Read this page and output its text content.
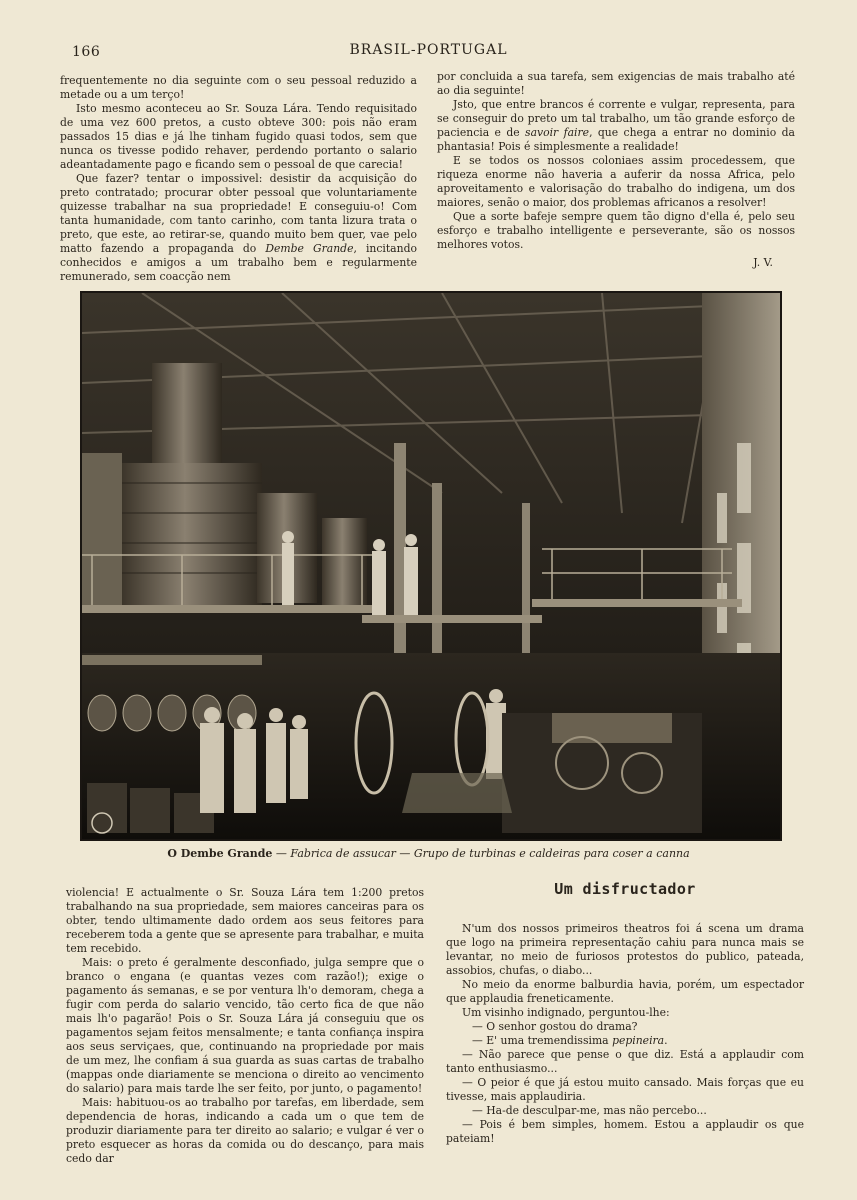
166	BRASIL-PORTUGAL

frequentemente no dia seguinte com o seu pessoal reduzido a metade ou a um terço!

Isto mesmo aconteceu ao Sr. Souza Lára. Tendo requisitado de uma vez 600 pretos, a custo obteve 300: pois não eram passados 15 dias e já lhe tinham fugido quasi todos, sem que nunca os tivesse podido rehaver, perdendo portanto o salario adeantadamente pago e ficando sem o pessoal de que carecia!

Que fazer? tentar o impossivel: desistir da acquisição do preto contratado; procurar obter pessoal que voluntariamente quizesse trabalhar na sua propriedade! E conseguiu-o! Com tanta humanidade, com tanto carinho, com tanta lizura trata o preto, que este, ao retirar-se, quando muito bem quer, vae pelo matto fazendo a propaganda do Dembe Grande, incitando conhecidos e amigos a um trabalho bem e regularmente remunerado, sem coacção nem

por concluida a sua tarefa, sem exigencias de mais trabalho até ao dia seguinte!

Jsto, que entre brancos é corrente e vulgar, representa, para se conseguir do preto um tal trabalho, um tão grande esforço de paciencia e de savoir faire, que chega a entrar no dominio da phantasia! Pois é simplesmente a realidade!

E se todos os nossos coloniaes assim procedessem, que riqueza enorme não haveria a auferir da nossa Africa, pelo aproveitamento e valorisação do trabalho do indigena, um dos maiores, senão o maior, dos problemas africanos a resolver!

Que a sorte bafeje sempre quem tão digno d'ella é, pelo seu esforço e trabalho intelligente e perseverante, são os nossos melhores votos.

J. V.

O Dembe Grande — Fabrica de assucar — Grupo de turbinas e caldeiras para coser a canna

violencia! E actualmente o Sr. Souza Lára tem 1:200 pretos trabalhando na sua propriedade, sem maiores canceiras para os obter, tendo ultimamente dado ordem aos seus feitores para receberem toda a gente que se apresente para trabalhar, e muita tem recebido.

Mais: o preto é geralmente desconfiado, julga sempre que o branco o engana (e quantas vezes com razão!); exige o pagamento ás semanas, e se por ventura lh'o demoram, chega a fugir com perda do salario vencido, tão certo fica de que não mais lh'o pagarão! Pois o Sr. Souza Lára já conseguiu que os pagamentos sejam feitos mensalmente; e tanta confiança inspira aos seus serviçaes, que, continuando na propriedade por mais de um mez, lhe confiam á sua guarda as suas cartas de trabalho (mappas onde diariamente se menciona o direito ao vencimento do salario) para mais tarde lhe ser feito, por junto, o pagamento!

Mais: habituou-os ao trabalho por tarefas, em liberdade, sem dependencia de horas, indicando a cada um o que tem de produzir diariamente para ter direito ao salario; e vulgar é ver o preto esquecer as horas da comida ou do descanço, para mais cedo dar

Um disfructador

N'um dos nossos primeiros theatros foi á scena um drama que logo na primeira representação cahiu para nunca mais se levantar, no meio de furiosos protestos do publico, pateada, assobios, chufas, o diabo...

No meio da enorme balburdia havia, porém, um espectador que applaudia freneticamente.

Um visinho indignado, perguntou-lhe:

— O senhor gostou do drama?

— E' uma tremendissima pepineira.

— Não parece que pense o que diz. Está a applaudir com tanto enthusiasmo...

— O peior é que já estou muito cansado. Mais forças que eu tivesse, mais applaudiria.

— Ha-de desculpar-me, mas não percebo...

— Pois é bem simples, homem. Estou a applaudir os que pateiam!
